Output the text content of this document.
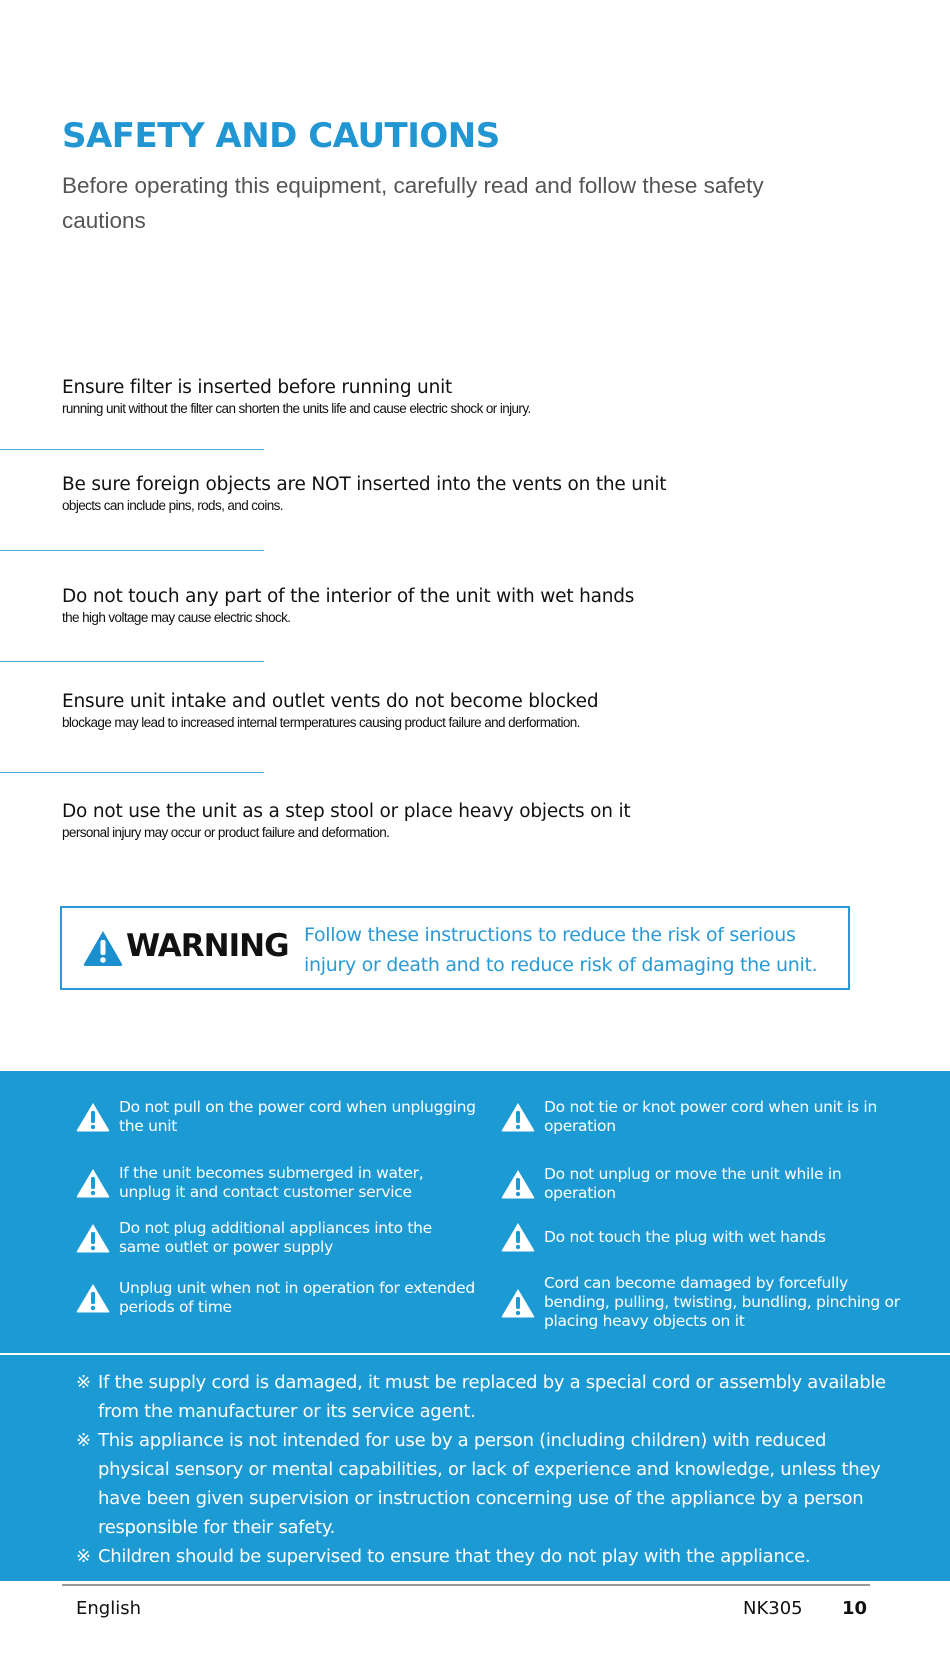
SAFETY AND CAUTIONS

Before operating this equipment, carefully read and follow these safety cautions

Ensure filter is inserted before running unit
running unit without the filter can shorten the units life and cause electric shock or injury.
Be sure foreign objects are NOT inserted into the vents on the unit
objects can include pins, rods, and coins.
Do not touch any part of the interior of the unit with wet hands
the high voltage may cause electric shock.
Ensure unit intake and outlet vents do not become blocked
blockage may lead to increased internal termperatures causing product failure and derformation.
Do not use the unit as a step stool or place heavy objects on it
personal injury may occur or product failure and deformation.
WARNING Follow these instructions to reduce the risk of serious injury or death and to reduce risk of damaging the unit.
Do not pull on the power cord when unplugging the unit
If the unit becomes submerged in water, unplug it and contact customer service
Do not plug additional appliances into the same outlet or power supply
Unplug unit when not in operation for extended periods of time
Do not tie or knot power cord when unit is in operation
Do not unplug or move the unit while in operation
Do not touch the plug with wet hands
Cord can become damaged by forcefully bending, pulling, twisting, bundling, pinching or placing heavy objects on it
※ If the supply cord is damaged, it must be replaced by a special cord or assembly available from the manufacturer or its service agent.
※ This appliance is not intended for use by a person (including children) with reduced physical sensory or mental capabilities, or lack of experience and knowledge, unless they have been given supervision or instruction concerning use of the appliance by a person responsible for their safety.
※ Children should be supervised to ensure that they do not play with the appliance.
English	NK305 10
